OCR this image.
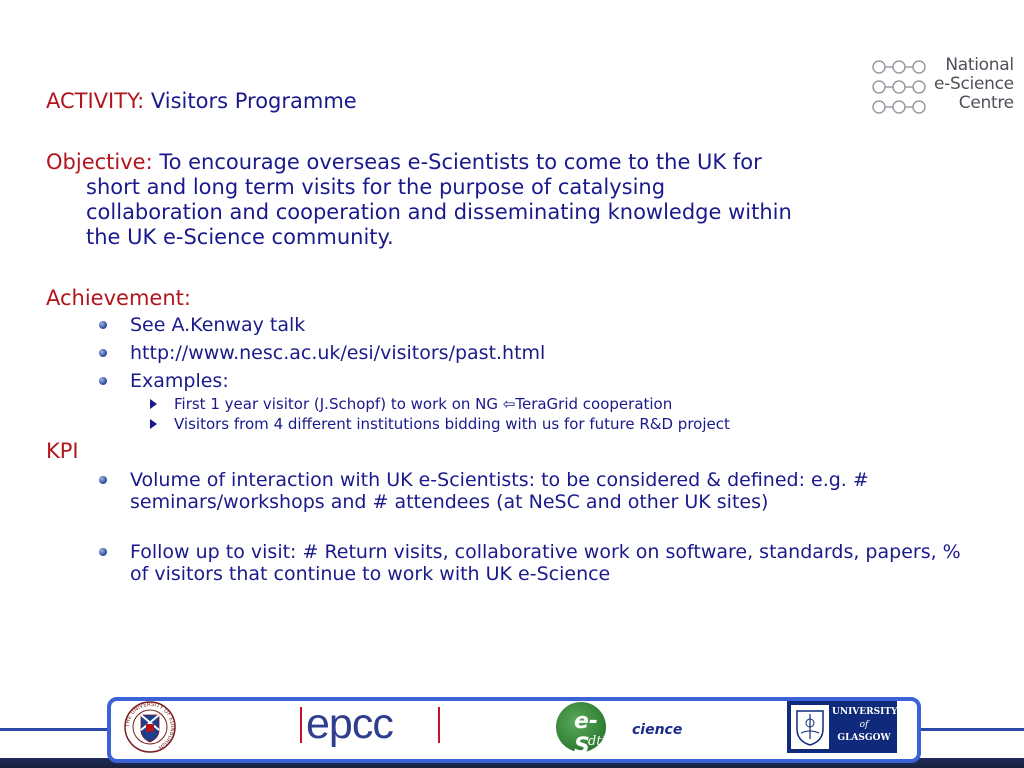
National
e-Science
Centre
ACTIVITY: Visitors Programme
Objective: To encourage overseas e-Scientists to come to the UK for
short and long term visits for the purpose of catalysing
collaboration and cooperation and disseminating knowledge within
the UK e-Science community.
Achievement:
See A.Kenway talk
http://www.nesc.ac.uk/esi/visitors/past.html
Examples:
First 1 year visitor (J.Schopf) to work on NG ⇦TeraGrid cooperation
Visitors from 4 different institutions bidding with us for future R&D project
KPI
Volume of interaction with UK e-Scientists: to be considered & defined: e.g. # seminars/workshops and # attendees (at NeSC and other UK sites)
Follow up to visit: # Return visits, collaborative work on software, standards, papers, % of visitors that continue to work with UK e-Science
THE UNIVERSITY OF EDINBURGH	epcc	e-S
dti
cience
UNIVERSITY
of
GLASGOW
